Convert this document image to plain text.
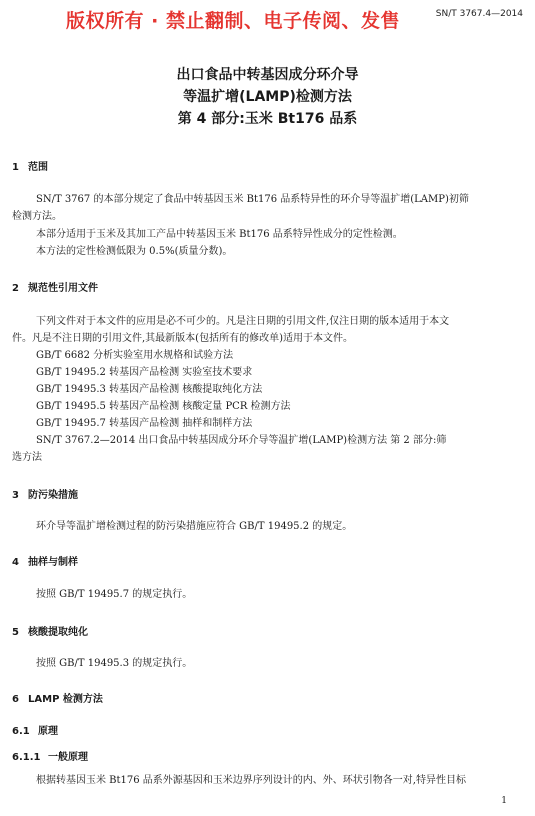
版权所有 · 禁止翻制、电子传阅、发售	SN/T 3767.4—2014
出口食品中转基因成分环介导
等温扩增(LAMP)检测方法
第 4 部分:玉米 Bt176 品系
1 范围
SN/T 3767 的本部分规定了食品中转基因玉米 Bt176 品系特异性的环介导等温扩增(LAMP)初筛
检测方法。
本部分适用于玉米及其加工产品中转基因玉米 Bt176 品系特异性成分的定性检测。
本方法的定性检测低限为 0.5%(质量分数)。
2 规范性引用文件
下列文件对于本文件的应用是必不可少的。凡是注日期的引用文件,仅注日期的版本适用于本文
件。凡是不注日期的引用文件,其最新版本(包括所有的修改单)适用于本文件。
GB/T 6682 分析实验室用水规格和试验方法
GB/T 19495.2 转基因产品检测 实验室技术要求
GB/T 19495.3 转基因产品检测 核酸提取纯化方法
GB/T 19495.5 转基因产品检测 核酸定量 PCR 检测方法
GB/T 19495.7 转基因产品检测 抽样和制样方法
SN/T 3767.2—2014 出口食品中转基因成分环介导等温扩增(LAMP)检测方法 第 2 部分:筛
选方法
3 防污染措施
环介导等温扩增检测过程的防污染措施应符合 GB/T 19495.2 的规定。
4 抽样与制样
按照 GB/T 19495.7 的规定执行。
5 核酸提取纯化
按照 GB/T 19495.3 的规定执行。
6 LAMP 检测方法
6.1 原理
6.1.1 一般原理
根据转基因玉米 Bt176 品系外源基因和玉米边界序列设计的内、外、环状引物各一对,特异性目标
1
